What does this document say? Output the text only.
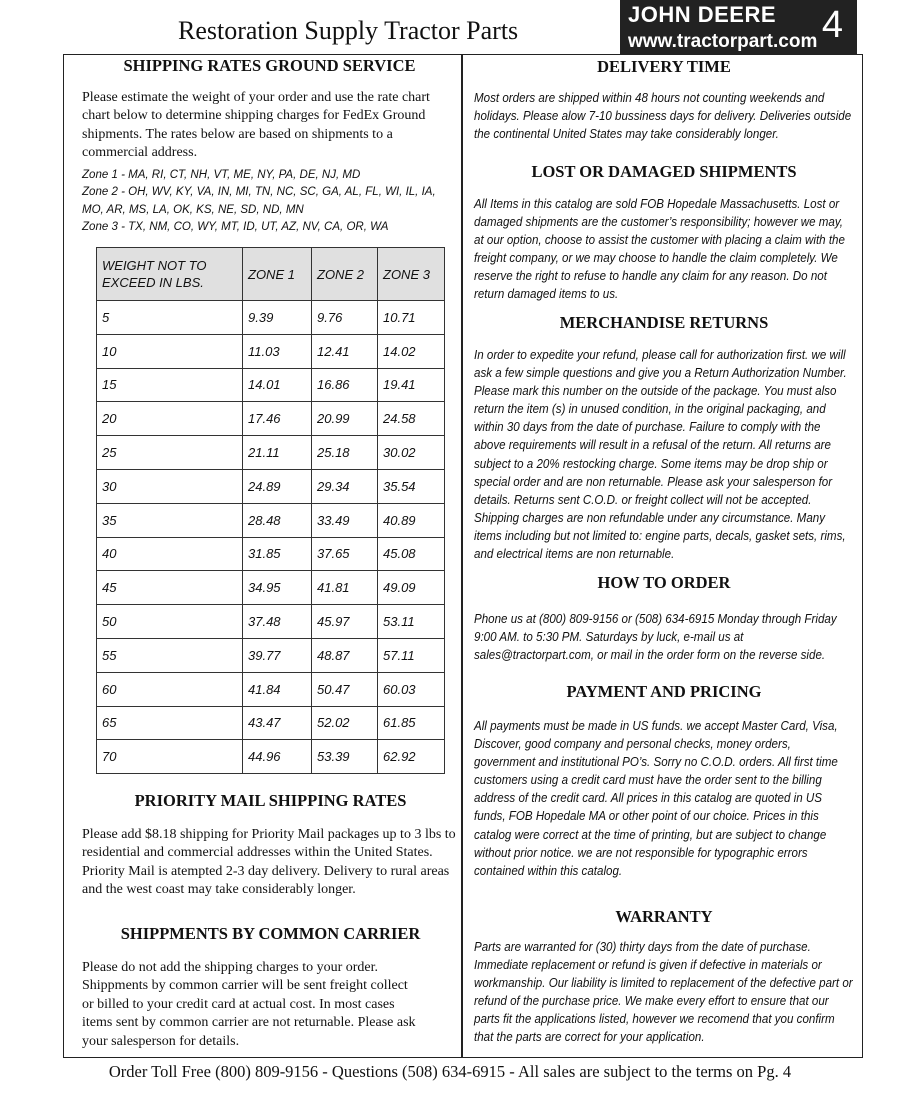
Restoration Supply Tractor Parts
JOHN DEERE
www.tractorpart.com 4
SHIPPING RATES GROUND SERVICE

Please estimate the weight of your order and use the rate chart chart below to determine shipping charges for FedEx Ground shipments. The rates below are based on shipments to a commercial address.

Zone 1 - MA, RI, CT, NH, VT, ME, NY, PA, DE, NJ, MD
Zone 2 - OH, WV, KY, VA, IN, MI, TN, NC, SC, GA, AL, FL, WI, IL, IA, MO, AR, MS, LA, OK, KS, NE, SD, ND, MN
Zone 3 - TX, NM, CO, WY, MT, ID, UT, AZ, NV, CA, OR, WA
WEIGHT NOT TO EXCEED IN LBS.	ZONE 1	ZONE 2	ZONE 3
5	9.39	9.76	10.71
10	11.03	12.41	14.02
15	14.01	16.86	19.41
20	17.46	20.99	24.58
25	21.11	25.18	30.02
30	24.89	29.34	35.54
35	28.48	33.49	40.89
40	31.85	37.65	45.08
45	34.95	41.81	49.09
50	37.48	45.97	53.11
55	39.77	48.87	57.11
60	41.84	50.47	60.03
65	43.47	52.02	61.85
70	44.96	53.39	62.92
PRIORITY MAIL SHIPPING RATES

Please add $8.18 shipping for Priority Mail packages up to 3 lbs to residential and commercial addresses within the United States. Priority Mail is atempted 2-3 day delivery. Delivery to rural areas and the west coast may take considerably longer.

SHIPPMENTS BY COMMON CARRIER

Please do not add the shipping charges to your order. Shippments by common carrier will be sent freight collect or billed to your credit card at actual cost. In most cases items sent by common carrier are not returnable. Please ask your salesperson for details.

DELIVERY TIME

Most orders are shipped within 48 hours not counting weekends and holidays. Please alow 7-10 bussiness days for delivery. Deliveries outside the continental United States may take considerably longer.

LOST OR DAMAGED SHIPMENTS

All Items in this catalog are sold FOB Hopedale Massachusetts. Lost or damaged shipments are the customer’s responsibility; however we may, at our option, choose to assist the customer with placing a claim with the freight company, or we may choose to handle the claim completely. We reserve the right to refuse to handle any claim for any reason. Do not return damaged items to us.

MERCHANDISE RETURNS

In order to expedite your refund, please call for authorization first. we will ask a few simple questions and give you a Return Authorization Number. Please mark this number on the outside of the package. You must also return the item (s) in unused condition, in the original packaging, and within 30 days from the date of purchase. Failure to comply with the above requirements will result in a refusal of the return. All returns are subject to a 20% restocking charge. Some items may be drop ship or special order and are non returnable. Please ask your salesperson for details. Returns sent C.O.D. or freight collect will not be accepted. Shipping charges are non refundable under any circumstance. Many items including but not limited to: engine parts, decals, gasket sets, rims, and electrical items are non returnable.

HOW TO ORDER

Phone us at (800) 809-9156 or (508) 634-6915 Monday through Friday 9:00 AM. to 5:30 PM. Saturdays by luck, e-mail us at sales@tractorpart.com, or mail in the order form on the reverse side.

PAYMENT AND PRICING

All payments must be made in US funds. we accept Master Card, Visa, Discover, good company and personal checks, money orders, government and institutional PO’s. Sorry no C.O.D. orders. All first time customers using a credit card must have the order sent to the billing address of the credit card. All prices in this catalog are quoted in US funds, FOB Hopedale MA or other point of our choice. Prices in this catalog were correct at the time of printing, but are subject to change without prior notice. we are not responsible for typographic errors contained within this catalog.

WARRANTY

Parts are warranted for (30) thirty days from the date of purchase. Immediate replacement or refund is given if defective in materials or workmanship. Our liability is limited to replacement of the defective part or refund of the purchase price. We make every effort to ensure that our parts fit the applications listed, however we recomend that you confirm that the parts are correct for your application.

Order Toll Free (800) 809-9156 - Questions (508) 634-6915 - All sales are subject to the terms on Pg. 4
